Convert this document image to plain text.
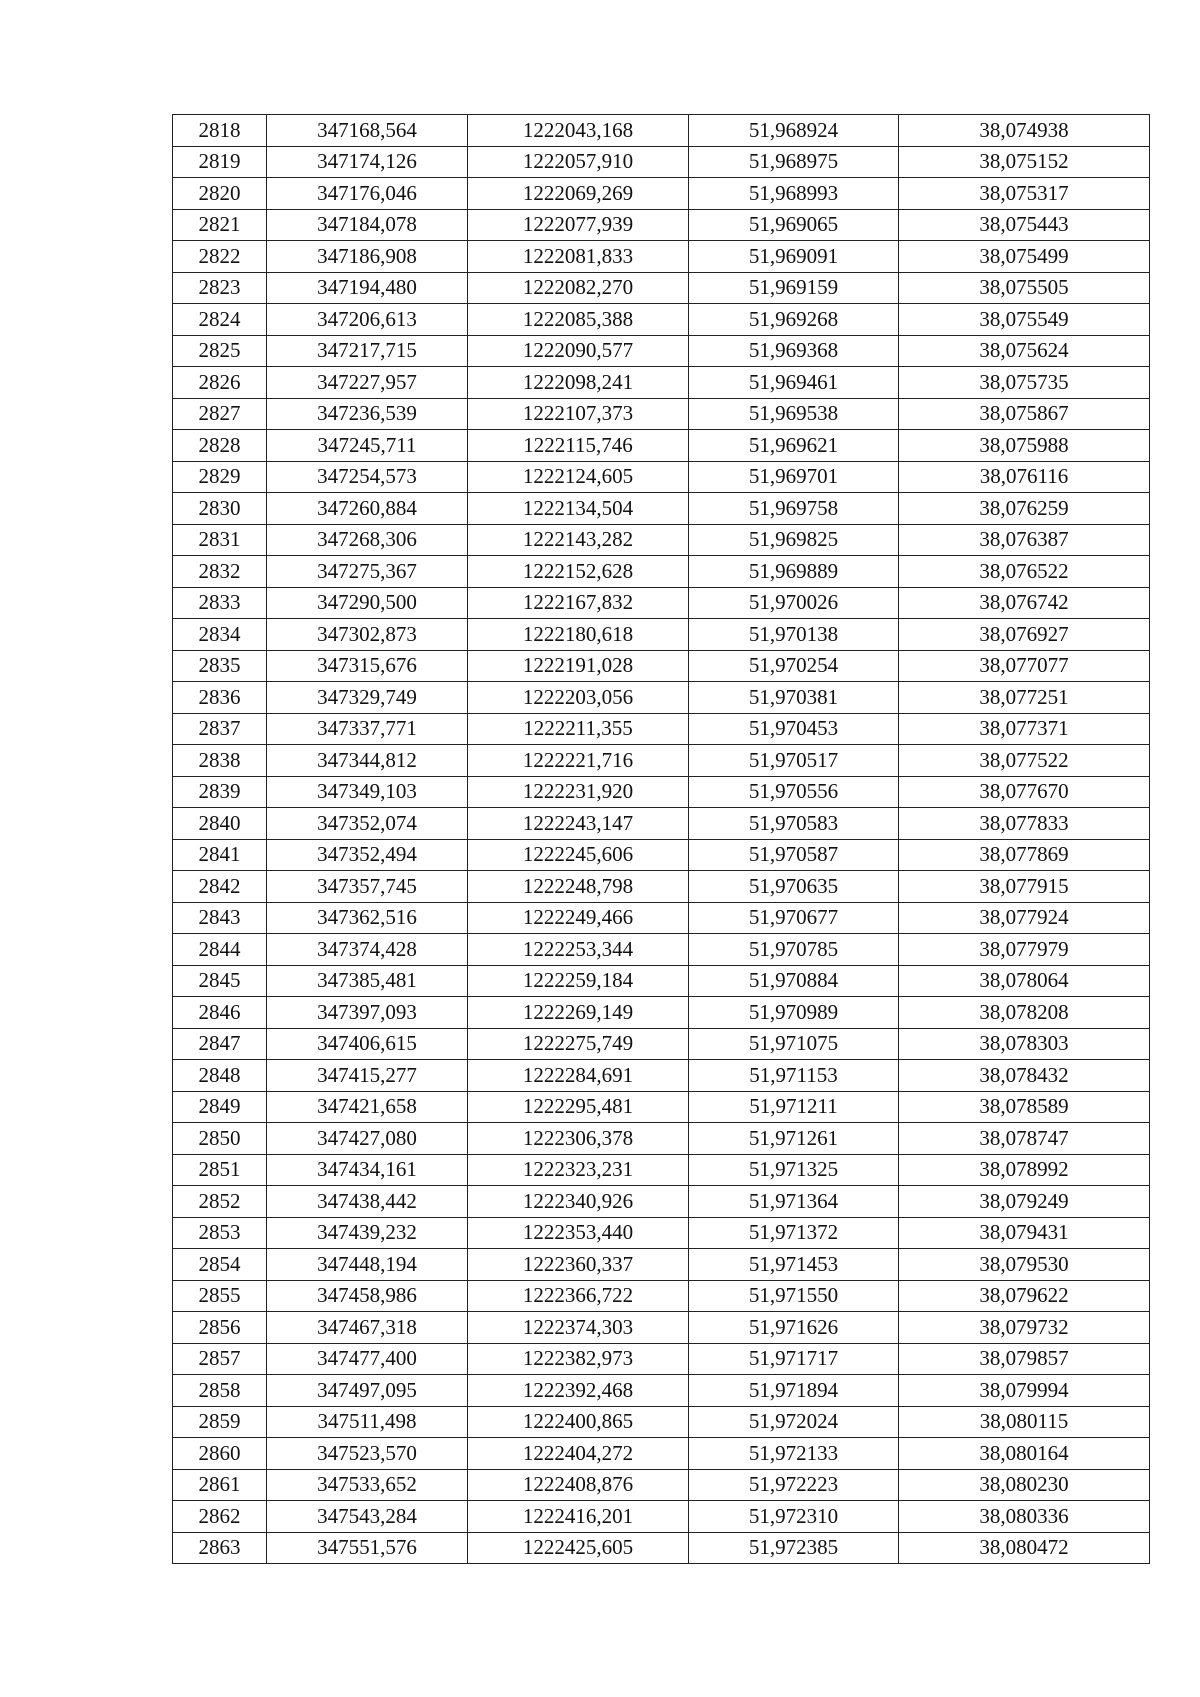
2818	347168,564	1222043,168	51,968924	38,074938
2819	347174,126	1222057,910	51,968975	38,075152
2820	347176,046	1222069,269	51,968993	38,075317
2821	347184,078	1222077,939	51,969065	38,075443
2822	347186,908	1222081,833	51,969091	38,075499
2823	347194,480	1222082,270	51,969159	38,075505
2824	347206,613	1222085,388	51,969268	38,075549
2825	347217,715	1222090,577	51,969368	38,075624
2826	347227,957	1222098,241	51,969461	38,075735
2827	347236,539	1222107,373	51,969538	38,075867
2828	347245,711	1222115,746	51,969621	38,075988
2829	347254,573	1222124,605	51,969701	38,076116
2830	347260,884	1222134,504	51,969758	38,076259
2831	347268,306	1222143,282	51,969825	38,076387
2832	347275,367	1222152,628	51,969889	38,076522
2833	347290,500	1222167,832	51,970026	38,076742
2834	347302,873	1222180,618	51,970138	38,076927
2835	347315,676	1222191,028	51,970254	38,077077
2836	347329,749	1222203,056	51,970381	38,077251
2837	347337,771	1222211,355	51,970453	38,077371
2838	347344,812	1222221,716	51,970517	38,077522
2839	347349,103	1222231,920	51,970556	38,077670
2840	347352,074	1222243,147	51,970583	38,077833
2841	347352,494	1222245,606	51,970587	38,077869
2842	347357,745	1222248,798	51,970635	38,077915
2843	347362,516	1222249,466	51,970677	38,077924
2844	347374,428	1222253,344	51,970785	38,077979
2845	347385,481	1222259,184	51,970884	38,078064
2846	347397,093	1222269,149	51,970989	38,078208
2847	347406,615	1222275,749	51,971075	38,078303
2848	347415,277	1222284,691	51,971153	38,078432
2849	347421,658	1222295,481	51,971211	38,078589
2850	347427,080	1222306,378	51,971261	38,078747
2851	347434,161	1222323,231	51,971325	38,078992
2852	347438,442	1222340,926	51,971364	38,079249
2853	347439,232	1222353,440	51,971372	38,079431
2854	347448,194	1222360,337	51,971453	38,079530
2855	347458,986	1222366,722	51,971550	38,079622
2856	347467,318	1222374,303	51,971626	38,079732
2857	347477,400	1222382,973	51,971717	38,079857
2858	347497,095	1222392,468	51,971894	38,079994
2859	347511,498	1222400,865	51,972024	38,080115
2860	347523,570	1222404,272	51,972133	38,080164
2861	347533,652	1222408,876	51,972223	38,080230
2862	347543,284	1222416,201	51,972310	38,080336
2863	347551,576	1222425,605	51,972385	38,080472
